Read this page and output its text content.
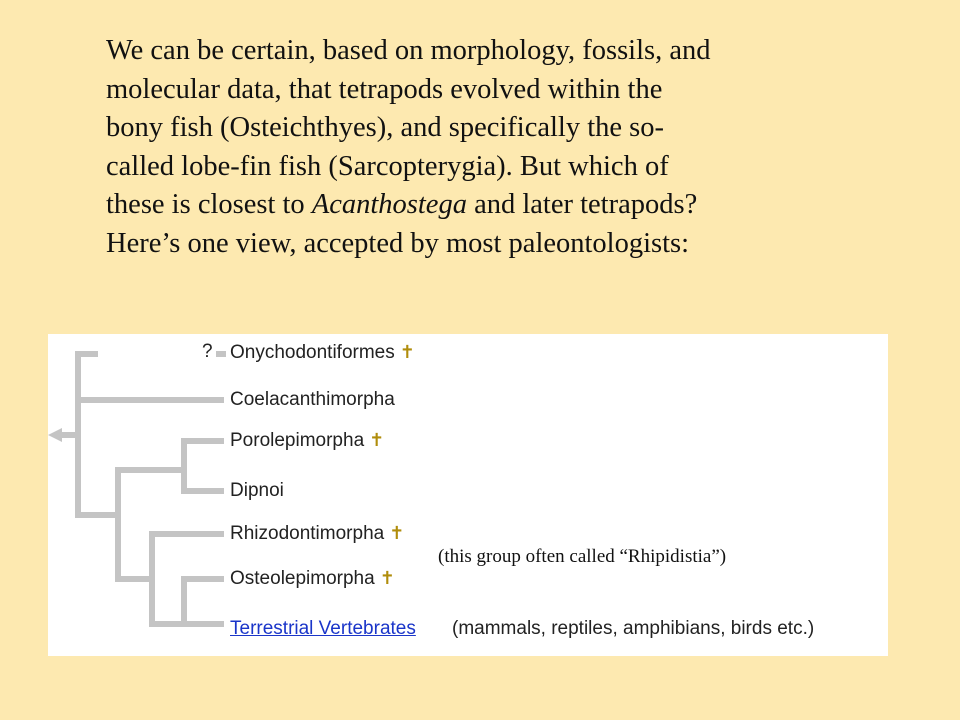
We can be certain, based on morphology, fossils, and
molecular data, that tetrapods evolved within the
bony fish (Osteichthyes), and specifically the so-
called lobe-fin fish (Sarcopterygia). But which of
these is closest to Acanthostega and later tetrapods?
Here’s one view, accepted by most paleontologists:
? Onychodontiformes ✝
Coelacanthimorpha
Porolepimorpha ✝
Dipnoi
Rhizodontimorpha ✝
Osteolepimorpha ✝
Terrestrial Vertebrates (mammals, reptiles, amphibians, birds etc.)
(this group often called “Rhipidistia”)
